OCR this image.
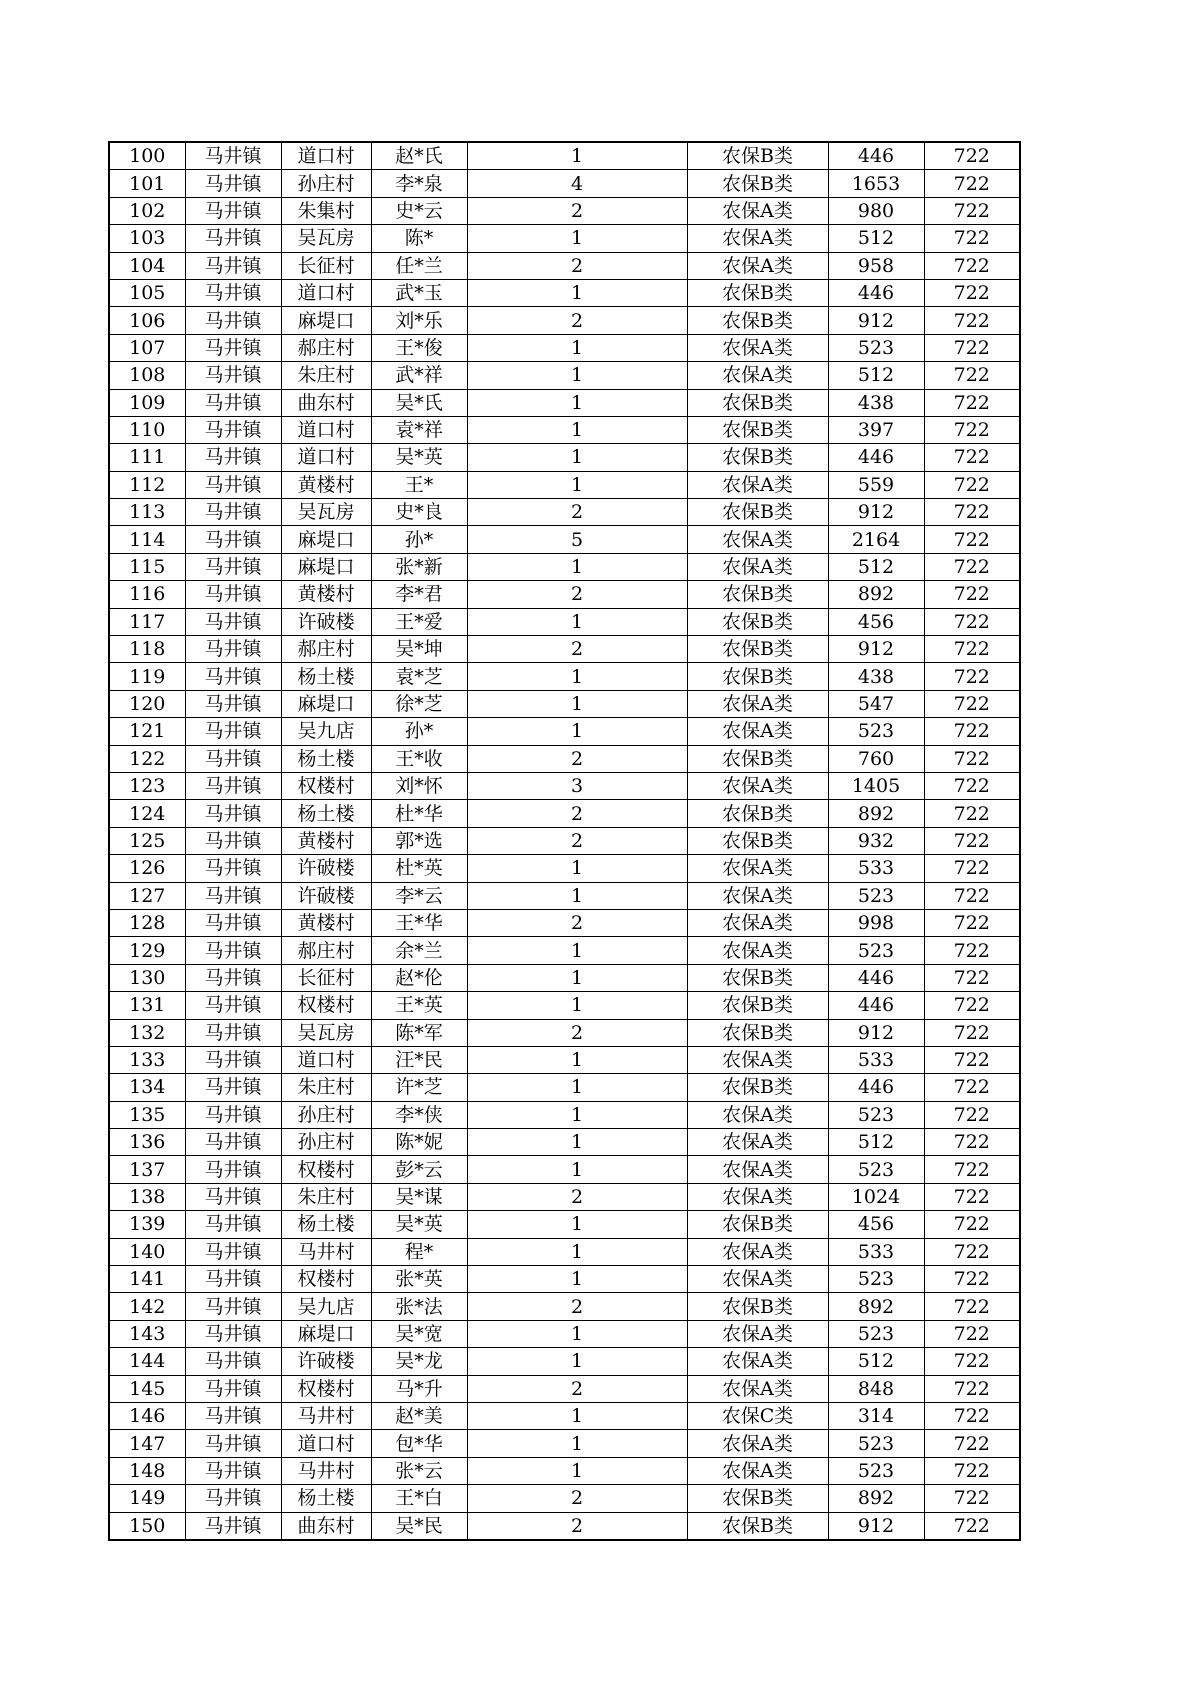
100	马井镇	道口村	赵*氏	1	农保B类	446	722
101	马井镇	孙庄村	李*泉	4	农保B类	1653	722
102	马井镇	朱集村	史*云	2	农保A类	980	722
103	马井镇	吴瓦房	陈*	1	农保A类	512	722
104	马井镇	长征村	任*兰	2	农保A类	958	722
105	马井镇	道口村	武*玉	1	农保B类	446	722
106	马井镇	麻堤口	刘*乐	2	农保B类	912	722
107	马井镇	郝庄村	王*俊	1	农保A类	523	722
108	马井镇	朱庄村	武*祥	1	农保A类	512	722
109	马井镇	曲东村	吴*氏	1	农保B类	438	722
110	马井镇	道口村	袁*祥	1	农保B类	397	722
111	马井镇	道口村	吴*英	1	农保B类	446	722
112	马井镇	黄楼村	王*	1	农保A类	559	722
113	马井镇	吴瓦房	史*良	2	农保B类	912	722
114	马井镇	麻堤口	孙*	5	农保A类	2164	722
115	马井镇	麻堤口	张*新	1	农保A类	512	722
116	马井镇	黄楼村	李*君	2	农保B类	892	722
117	马井镇	许破楼	王*爱	1	农保B类	456	722
118	马井镇	郝庄村	吴*坤	2	农保B类	912	722
119	马井镇	杨土楼	袁*芝	1	农保B类	438	722
120	马井镇	麻堤口	徐*芝	1	农保A类	547	722
121	马井镇	吴九店	孙*	1	农保A类	523	722
122	马井镇	杨土楼	王*收	2	农保B类	760	722
123	马井镇	权楼村	刘*怀	3	农保A类	1405	722
124	马井镇	杨土楼	杜*华	2	农保B类	892	722
125	马井镇	黄楼村	郭*选	2	农保B类	932	722
126	马井镇	许破楼	杜*英	1	农保A类	533	722
127	马井镇	许破楼	李*云	1	农保A类	523	722
128	马井镇	黄楼村	王*华	2	农保A类	998	722
129	马井镇	郝庄村	余*兰	1	农保A类	523	722
130	马井镇	长征村	赵*伦	1	农保B类	446	722
131	马井镇	权楼村	王*英	1	农保B类	446	722
132	马井镇	吴瓦房	陈*军	2	农保B类	912	722
133	马井镇	道口村	汪*民	1	农保A类	533	722
134	马井镇	朱庄村	许*芝	1	农保B类	446	722
135	马井镇	孙庄村	李*侠	1	农保A类	523	722
136	马井镇	孙庄村	陈*妮	1	农保A类	512	722
137	马井镇	权楼村	彭*云	1	农保A类	523	722
138	马井镇	朱庄村	吴*谋	2	农保A类	1024	722
139	马井镇	杨土楼	吴*英	1	农保B类	456	722
140	马井镇	马井村	程*	1	农保A类	533	722
141	马井镇	权楼村	张*英	1	农保A类	523	722
142	马井镇	吴九店	张*法	2	农保B类	892	722
143	马井镇	麻堤口	吴*宽	1	农保A类	523	722
144	马井镇	许破楼	吴*龙	1	农保A类	512	722
145	马井镇	权楼村	马*升	2	农保A类	848	722
146	马井镇	马井村	赵*美	1	农保C类	314	722
147	马井镇	道口村	包*华	1	农保A类	523	722
148	马井镇	马井村	张*云	1	农保A类	523	722
149	马井镇	杨土楼	王*白	2	农保B类	892	722
150	马井镇	曲东村	吴*民	2	农保B类	912	722
